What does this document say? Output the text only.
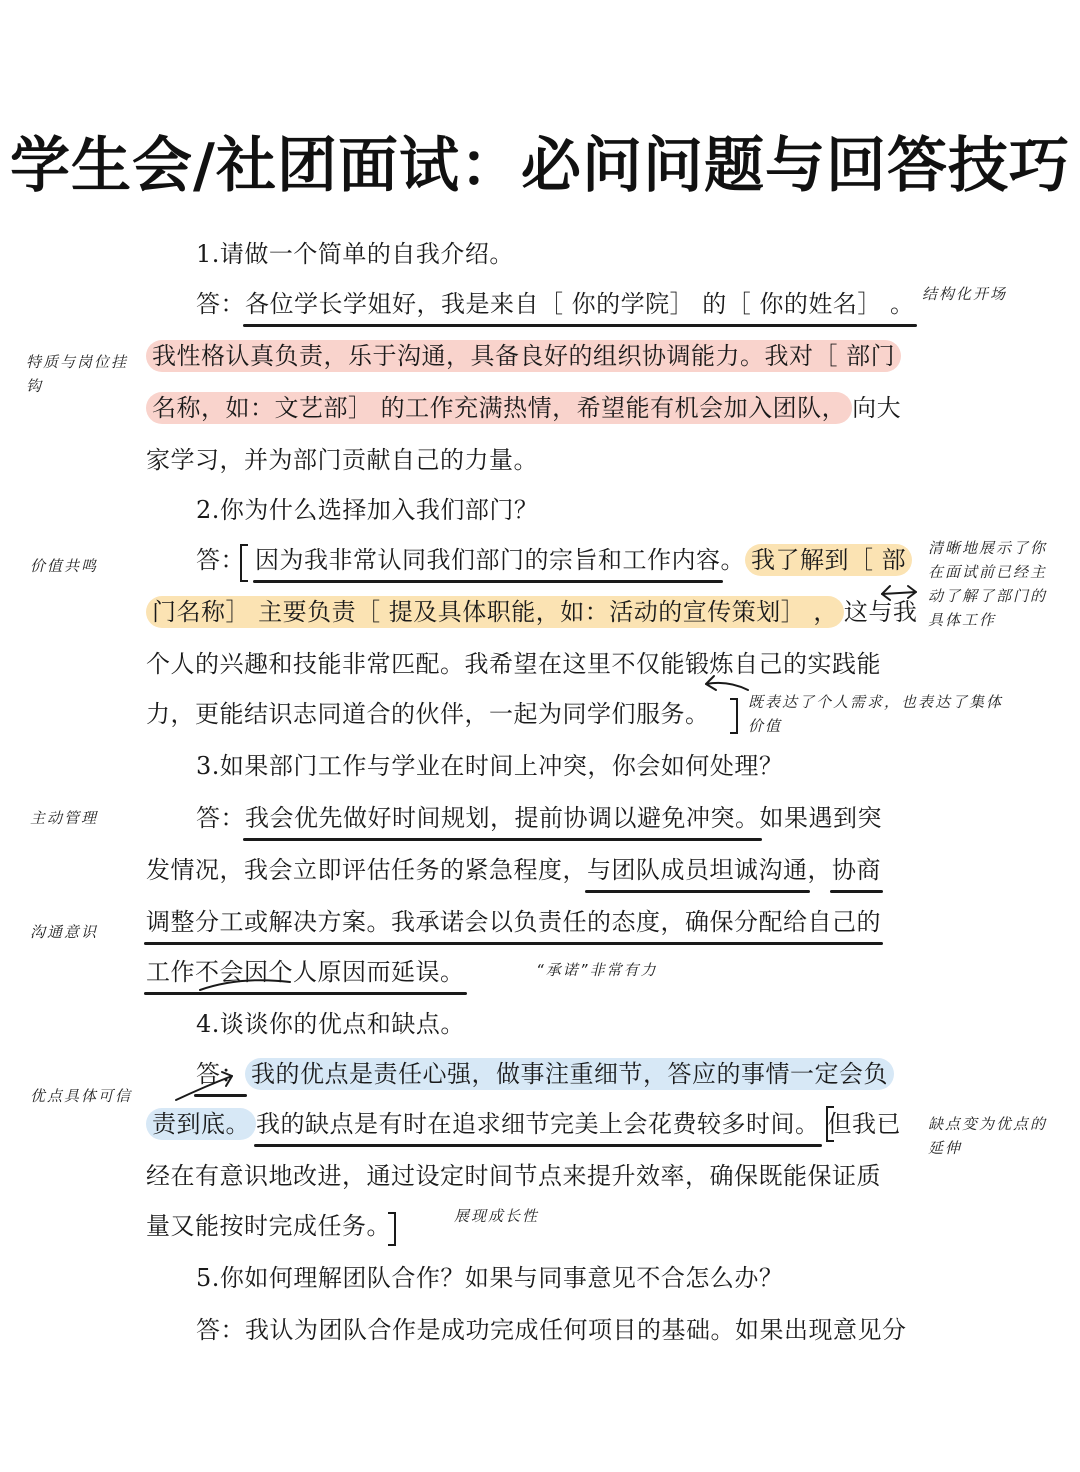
学生会/社团面试：必问问题与回答技巧
1.请做一个简单的自我介绍。
答：各位学长学姐好，我是来自［ 你的学院］ 的［ 你的姓名］ 。
我性格认真负责，乐于沟通，具备良好的组织协调能力。我对［ 部门
名称，如：文艺部］ 的工作充满热情，希望能有机会加入团队， 向大
家学习，并为部门贡献自己的力量。
2.你为什么选择加入我们部门？
答： 因为我非常认同我们部门的宗旨和工作内容。 我了解到［ 部
门名称］ 主要负责［ 提及具体职能，如：活动的宣传策划］ ， 这与我
个人的兴趣和技能非常匹配。我希望在这里不仅能锻炼自己的实践能
力，更能结识志同道合的伙伴，一起为同学们服务。
3.如果部门工作与学业在时间上冲突，你会如何处理？
答：我会优先做好时间规划，提前协调以避免冲突。如果遇到突
发情况，我会立即评估任务的紧急程度，与团队成员坦诚沟通，协商
调整分工或解决方案。我承诺会以负责任的态度，确保分配给自己的
工作不会因个人原因而延误。
4.谈谈你的优点和缺点。
答： 我的优点是责任心强，做事注重细节，答应的事情一定会负
责到底。 我的缺点是有时在追求细节完美上会花费较多时间。 但我已
经在有意识地改进，通过设定时间节点来提升效率，确保既能保证质
量又能按时完成任务。
5.你如何理解团队合作？如果与同事意见不合怎么办？
答：我认为团队合作是成功完成任何项目的基础。如果出现意见分
结构化开场
特质与岗位挂钩
价值共鸣
清晰地展示了你在面试前已经主动了解了部门的具体工作
既表达了个人需求，也表达了集体价值
主动管理
沟通意识
“承诺”非常有力
优点具体可信
缺点变为优点的延伸
展现成长性
